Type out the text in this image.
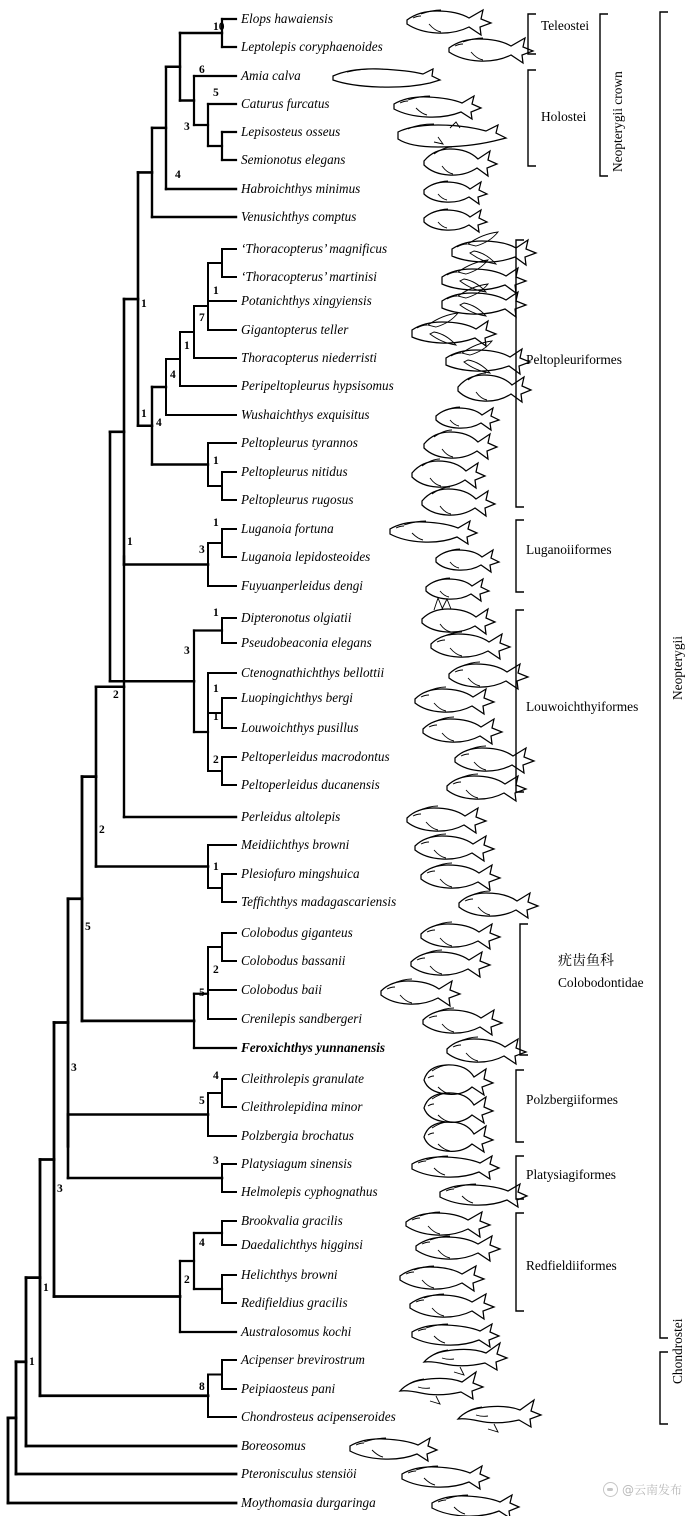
Elops hawaiensis
Leptolepis coryphaenoides
Amia calva
Caturus furcatus
Lepisosteus osseus
Semionotus elegans
Habroichthys minimus
Venusichthys comptus
‘Thoracopterus’ magnificus
‘Thoracopterus’ martinisi
Potanichthys xingyiensis
Gigantopterus teller
Thoracopterus niederristi
Peripeltopleurus hypsisomus
Wushaichthys exquisitus
Peltopleurus tyrannos
Peltopleurus nitidus
Peltopleurus rugosus
Luganoia fortuna
Luganoia lepidosteoides
Fuyuanperleidus dengi
Dipteronotus olgiatii
Pseudobeaconia elegans
Ctenognathichthys bellottii
Luopingichthys bergi
Louwoichthys pusillus
Peltoperleidus macrodontus
Peltoperleidus ducanensis
Perleidus altolepis
Meidiichthys browni
Plesiofuro mingshuica
Teffichthys madagascariensis
Colobodus giganteus
Colobodus bassanii
Colobodus baii
Crenilepis sandbergeri
Feroxichthys yunnanensis
Cleithrolepis granulate
Cleithrolepidina minor
Polzbergia brochatus
Platysiagum sinensis
Helmolepis cyphognathus
Brookvalia gracilis
Daedalichthys higginsi
Helichthys browni
Redifieldius gracilis
Australosomus kochi
Acipenser brevirostrum
Peipiaosteus pani
Chondrosteus acipenseroides
Boreosomus
Pteronisculus stensiöi
Moythomasia durgaringa
10
6
5
3
4
1
7
1
4
4
1
1
1
1
3
1
3
1
1
2
1
2
1
2
2
5
5
4
5
3
3
2
4
3
8
1
1
Teleostei
Holostei Neopterygii crown
Peltopleuriformes
Luganoiiformes
Louwoichthyiformes
疣齿鱼科
Colobodontidae
Polzbergiiformes
Platysiagiformes
Redfieldiiformes
Neopterygii
Chondrostei
@云南发布
